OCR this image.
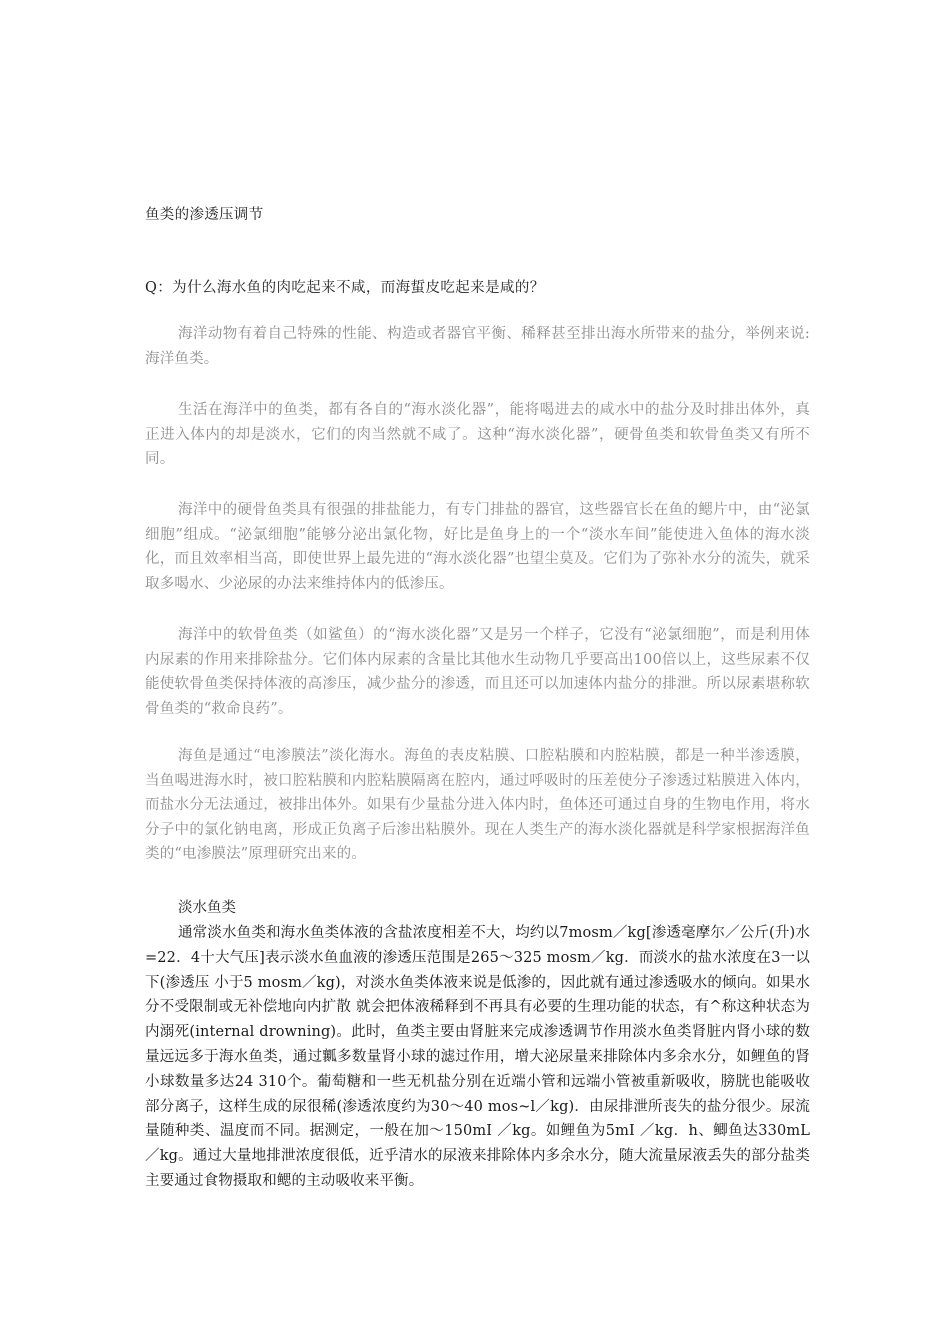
鱼类的渗透压调节
Q：为什么海水鱼的肉吃起来不咸，而海蜇皮吃起来是咸的？

海洋动物有着自己特殊的性能、构造或者器官平衡、稀释甚至排出海水所带来的盐分，举例来说:海洋鱼类。

生活在海洋中的鱼类，都有各自的“海水淡化器”，能将喝进去的咸水中的盐分及时排出体外，真正进入体内的却是淡水，它们的肉当然就不咸了。这种“海水淡化器”，硬骨鱼类和软骨鱼类又有所不同。

海洋中的硬骨鱼类具有很强的排盐能力，有专门排盐的器官，这些器官长在鱼的鳃片中，由“泌氯细胞”组成。“泌氯细胞”能够分泌出氯化物，好比是鱼身上的一个“淡水车间”能使进入鱼体的海水淡化，而且效率相当高，即使世界上最先进的“海水淡化器”也望尘莫及。它们为了弥补水分的流失，就采取多喝水、少泌尿的办法来维持体内的低渗压。

海洋中的软骨鱼类（如鲨鱼）的“海水淡化器”又是另一个样子，它没有“泌氯细胞”，而是利用体内尿素的作用来排除盐分。它们体内尿素的含量比其他水生动物几乎要高出100倍以上，这些尿素不仅能使软骨鱼类保持体液的高渗压，减少盐分的渗透，而且还可以加速体内盐分的排泄。所以尿素堪称软骨鱼类的“救命良药”。

海鱼是通过“电渗膜法”淡化海水。海鱼的表皮粘膜、口腔粘膜和内腔粘膜，都是一种半渗透膜，当鱼喝进海水时，被口腔粘膜和内腔粘膜隔离在腔内，通过呼吸时的压差使分子渗透过粘膜进入体内，而盐水分无法通过，被排出体外。如果有少量盐分进入体内时，鱼体还可通过自身的生物电作用，将水分子中的氯化钠电离，形成正负离子后渗出粘膜外。现在人类生产的海水淡化器就是科学家根据海洋鱼类的“电渗膜法”原理研究出来的。

淡水鱼类

通常淡水鱼类和海水鱼类体液的含盐浓度相差不大，均约以7mosm／kg[渗透毫摩尔／公斤(升)水=22．4十大气压]表示淡水鱼血液的渗透压范围是265～325 mosm／kg．而淡水的盐水浓度在3一以下(渗透压 小于5 mosm／kg)，对淡水鱼类体液来说是低渗的，因此就有通过渗透吸水的倾向。如果水分不受限制或无补偿地向内扩散 就会把体液稀释到不再具有必要的生理功能的状态，有^称这种状态为内溺死(internal drowning)。此时，鱼类主要由肾脏来完成渗透调节作用淡水鱼类肾脏内肾小球的数量远远多于海水鱼类，通过瓤多数量肾小球的滤过作用，增大泌尿量来排除体内多余水分，如鲤鱼的肾小球数量多达24 310个。葡萄糖和一些无机盐分别在近端小管和远端小管被重新吸收，膀胱也能吸收部分离子，这样生成的尿很稀(渗透浓度约为30～40 mos~l／kg)．由尿排泄所丧失的盐分很少。尿流量随种类、温度而不同。据测定，一般在加～150mI ／kg。如鲤鱼为5mI ／kg．h、鲫鱼达330mL／kg。通过大量地排泄浓度很低，近乎清水的尿液来排除体内多余水分，随大流量尿液丢失的部分盐类主要通过食物摄取和鳃的主动吸收来平衡。
